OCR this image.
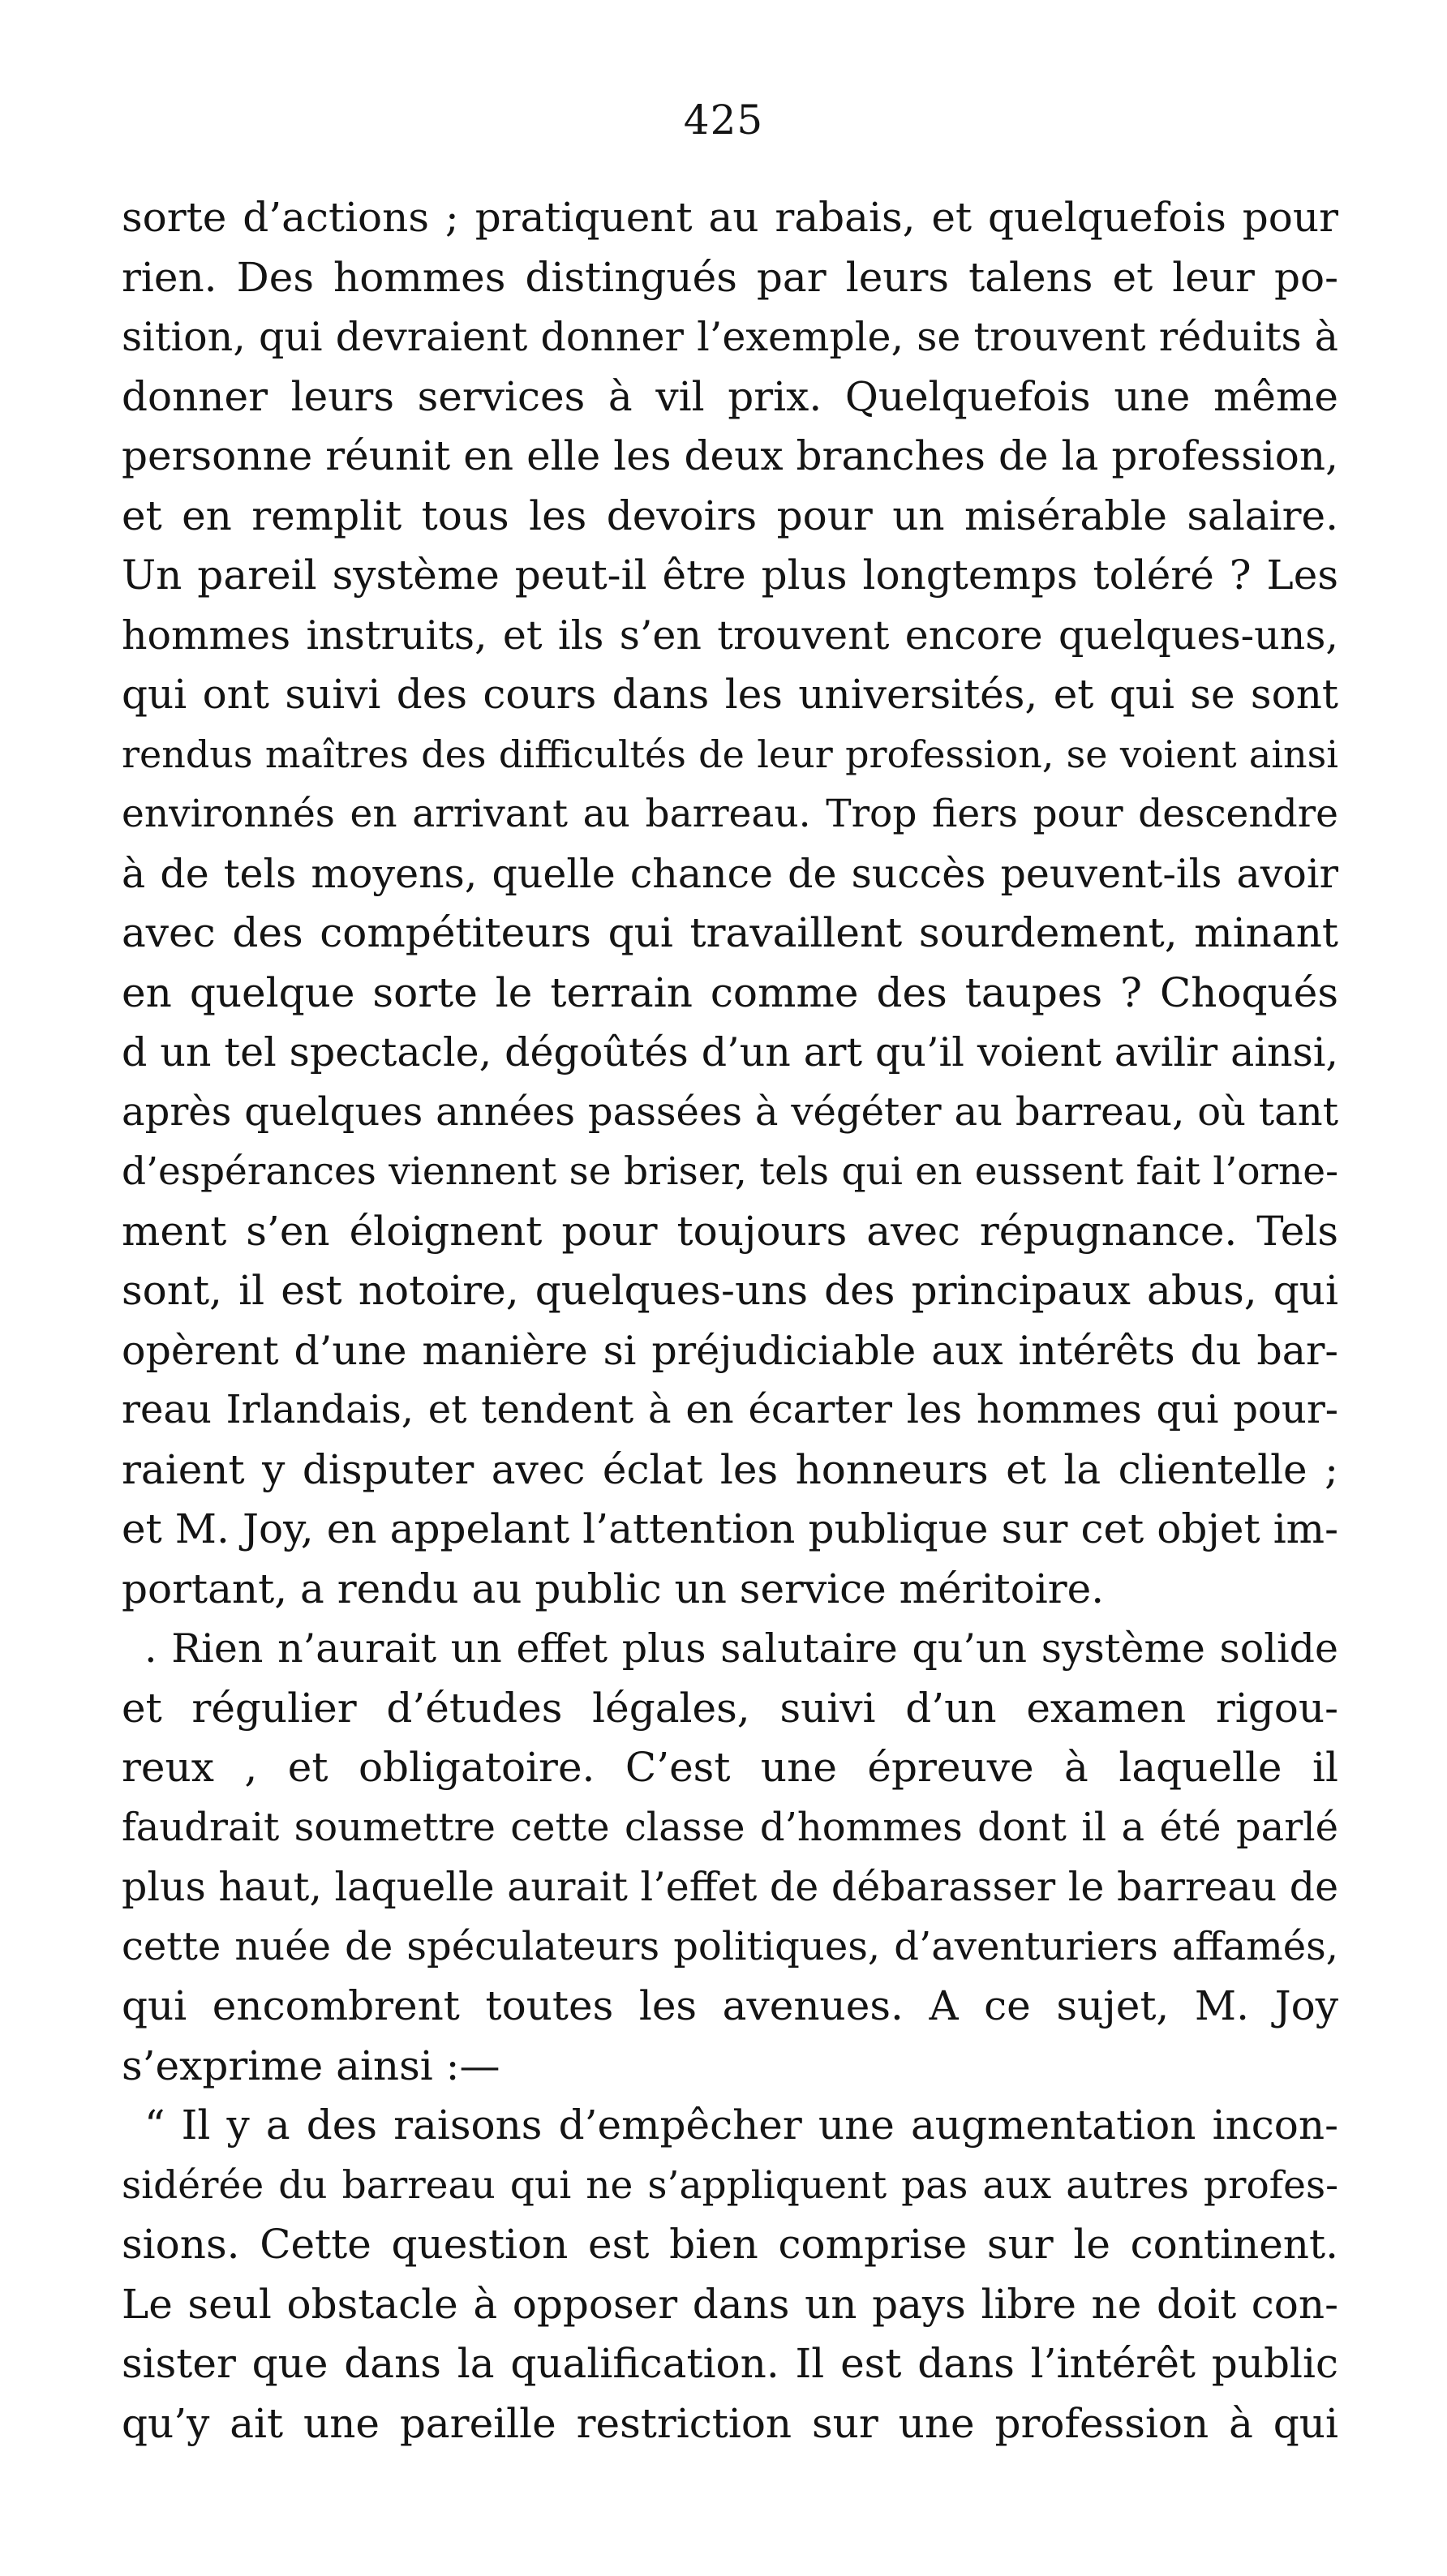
425
sorte d’actions ; pratiquent au rabais, et quelquefois pour
rien. Des hommes distingués par leurs talens et leur po-
sition, qui devraient donner l’exemple, se trouvent réduits à
donner leurs services à vil prix. Quelquefois une même
personne réunit en elle les deux branches de la profession,
et en remplit tous les devoirs pour un misérable salaire.
Un pareil système peut-il être plus longtemps toléré ? Les
hommes instruits, et ils s’en trouvent encore quelques-uns,
qui ont suivi des cours dans les universités, et qui se sont
rendus maîtres des difficultés de leur profession, se voient ainsi
environnés en arrivant au barreau. Trop fiers pour descendre
à de tels moyens, quelle chance de succès peuvent-ils avoir
avec des compétiteurs qui travaillent sourdement, minant
en quelque sorte le terrain comme des taupes ? Choqués
d un tel spectacle, dégoûtés d’un art qu’il voient avilir ainsi,
après quelques années passées à végéter au barreau, où tant
d’espérances viennent se briser, tels qui en eussent fait l’orne-
ment s’en éloignent pour toujours avec répugnance. Tels
sont, il est notoire, quelques-uns des principaux abus, qui
opèrent d’une manière si préjudiciable aux intérêts du bar-
reau Irlandais, et tendent à en écarter les hommes qui pour-
raient y disputer avec éclat les honneurs et la clientelle ;
et M. Joy, en appelant l’attention publique sur cet objet im-
portant, a rendu au public un service méritoire.
. Rien n’aurait un effet plus salutaire qu’un système solide
et régulier d’études légales, suivi d’un examen rigou-
reux , et obligatoire. C’est une épreuve à laquelle il
faudrait soumettre cette classe d’hommes dont il a été parlé
plus haut, laquelle aurait l’effet de débarasser le barreau de
cette nuée de spéculateurs politiques, d’aventuriers affamés,
qui encombrent toutes les avenues. A ce sujet, M. Joy
s’exprime ainsi :—
“ Il y a des raisons d’empêcher une augmentation incon-
sidérée du barreau qui ne s’appliquent pas aux autres profes-
sions. Cette question est bien comprise sur le continent.
Le seul obstacle à opposer dans un pays libre ne doit con-
sister que dans la qualification. Il est dans l’intérêt public
qu’y ait une pareille restriction sur une profession à qui
